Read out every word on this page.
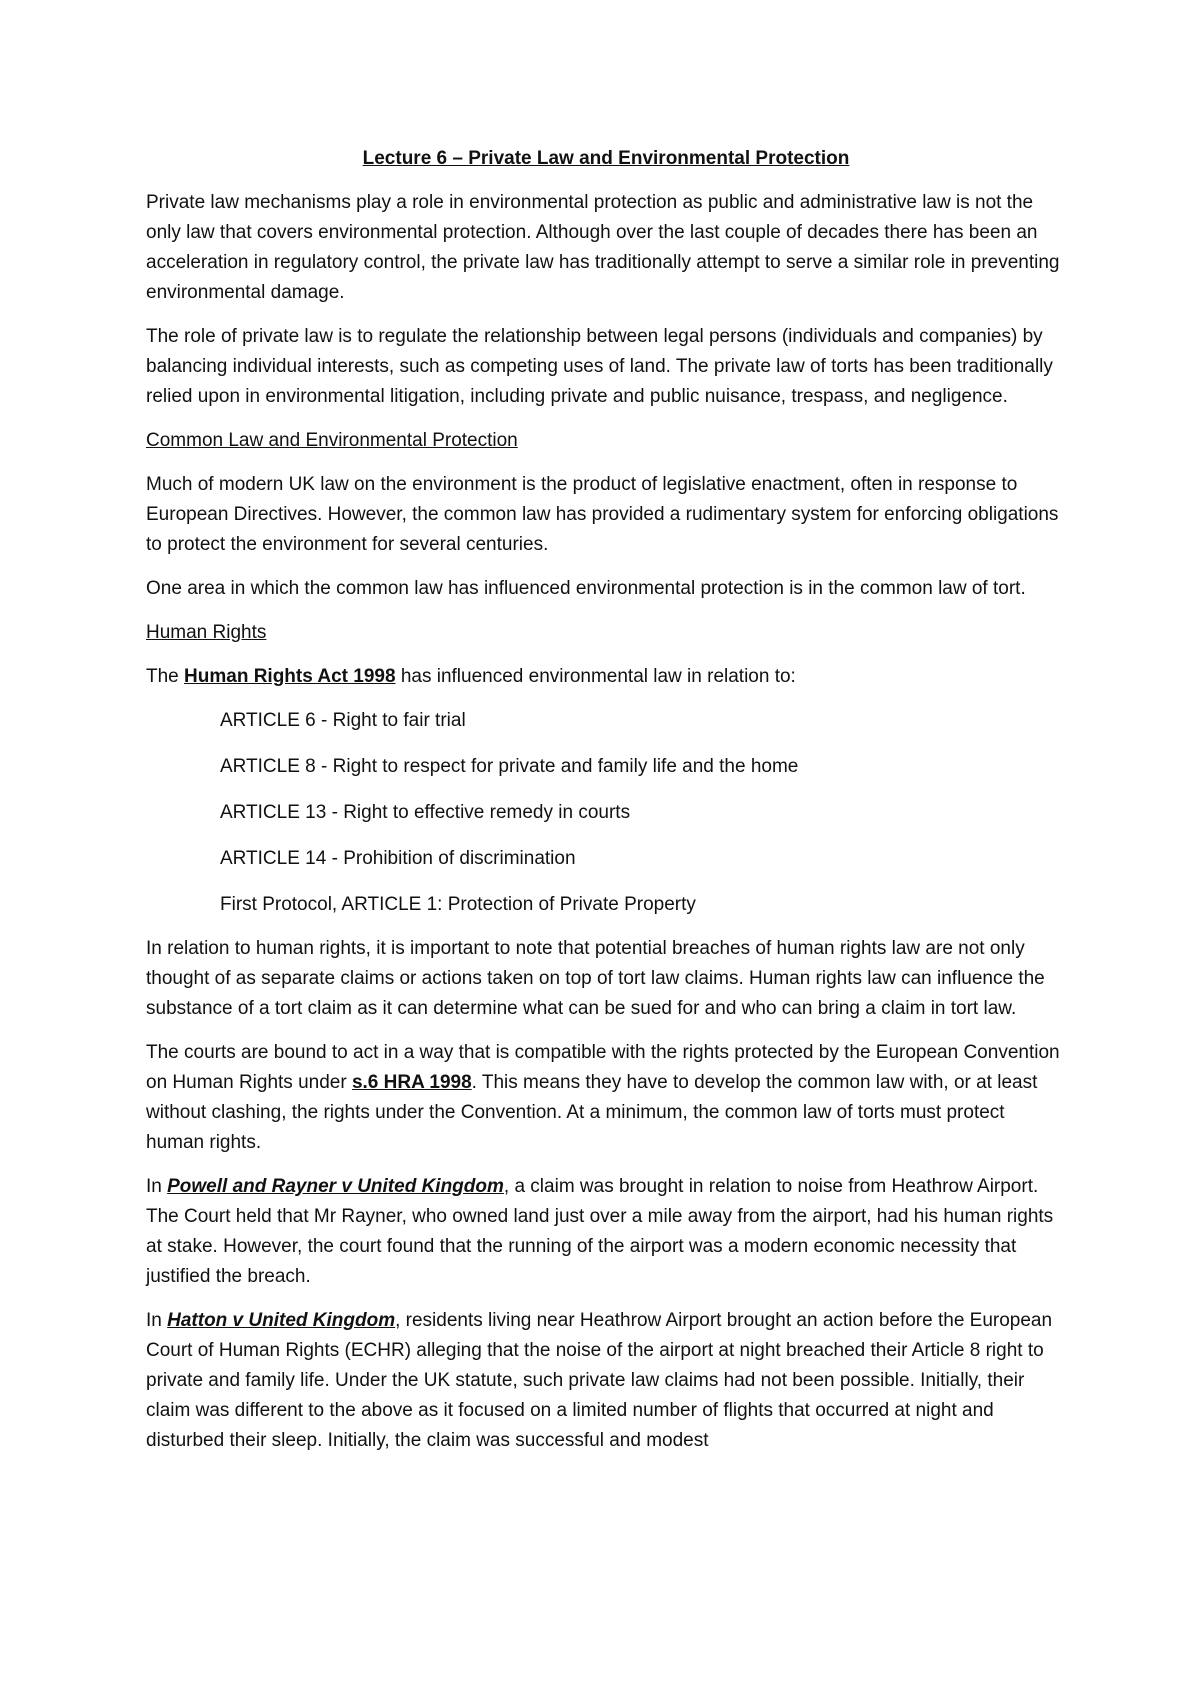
Lecture 6 – Private Law and Environmental Protection

Private law mechanisms play a role in environmental protection as public and administrative law is not the only law that covers environmental protection. Although over the last couple of decades there has been an acceleration in regulatory control, the private law has traditionally attempt to serve a similar role in preventing environmental damage.

The role of private law is to regulate the relationship between legal persons (individuals and companies) by balancing individual interests, such as competing uses of land. The private law of torts has been traditionally relied upon in environmental litigation, including private and public nuisance, trespass, and negligence.

Common Law and Environmental Protection

Much of modern UK law on the environment is the product of legislative enactment, often in response to European Directives. However, the common law has provided a rudimentary system for enforcing obligations to protect the environment for several centuries.

One area in which the common law has influenced environmental protection is in the common law of tort.

Human Rights

The Human Rights Act 1998 has influenced environmental law in relation to:

ARTICLE 6 - Right to fair trial

ARTICLE 8 - Right to respect for private and family life and the home

ARTICLE 13 - Right to effective remedy in courts

ARTICLE 14 - Prohibition of discrimination

First Protocol, ARTICLE 1: Protection of Private Property

In relation to human rights, it is important to note that potential breaches of human rights law are not only thought of as separate claims or actions taken on top of tort law claims. Human rights law can influence the substance of a tort claim as it can determine what can be sued for and who can bring a claim in tort law.

The courts are bound to act in a way that is compatible with the rights protected by the European Convention on Human Rights under s.6 HRA 1998. This means they have to develop the common law with, or at least without clashing, the rights under the Convention. At a minimum, the common law of torts must protect human rights.

In Powell and Rayner v United Kingdom, a claim was brought in relation to noise from Heathrow Airport. The Court held that Mr Rayner, who owned land just over a mile away from the airport, had his human rights at stake. However, the court found that the running of the airport was a modern economic necessity that justified the breach.

In Hatton v United Kingdom, residents living near Heathrow Airport brought an action before the European Court of Human Rights (ECHR) alleging that the noise of the airport at night breached their Article 8 right to private and family life. Under the UK statute, such private law claims had not been possible. Initially, their claim was different to the above as it focused on a limited number of flights that occurred at night and disturbed their sleep. Initially, the claim was successful and modest
